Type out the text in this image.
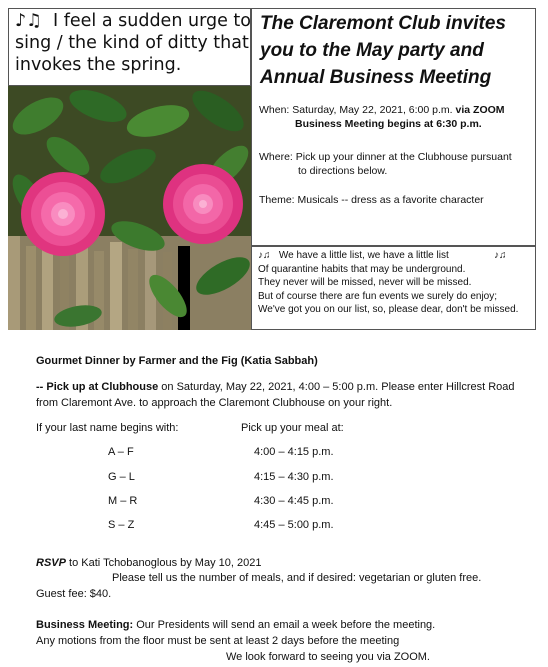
♪♫ I feel a sudden urge to
sing / the kind of ditty that
invokes the spring.
The Claremont Club invites
you to the May party and
Annual Business Meeting
When: Saturday, May 22, 2021, 6:00 p.m. via ZOOM
Business Meeting begins at 6:30 p.m.
Where: Pick up your dinner at the Clubhouse pursuant
to directions below.
Theme: Musicals -- dress as a favorite character
♪♫ We have a little list, we have a little list	♪♫
Of quarantine habits that may be underground.
They never will be missed, never will be missed.
But of course there are fun events we surely do enjoy;
We've got you on our list, so, please dear, don't be missed.
Gourmet Dinner by Farmer and the Fig (Katia Sabbah)
-- Pick up at Clubhouse on Saturday, May 22, 2021, 4:00 – 5:00 p.m. Please enter Hillcrest Road
from Claremont Ave. to approach the Claremont Clubhouse on your right.
If your last name begins with:	Pick up your meal at:
A – F	4:00 – 4:15 p.m.
G – L	4:15 – 4:30 p.m.
M – R	4:30 – 4:45 p.m.
S – Z	4:45 – 5:00 p.m.
RSVP to Kati Tchobanoglous by May 10, 2021
Please tell us the number of meals, and if desired: vegetarian or gluten free.
Guest fee: $40.
Business Meeting: Our Presidents will send an email a week before the meeting.
Any motions from the floor must be sent at least 2 days before the meeting
We look forward to seeing you via ZOOM.
